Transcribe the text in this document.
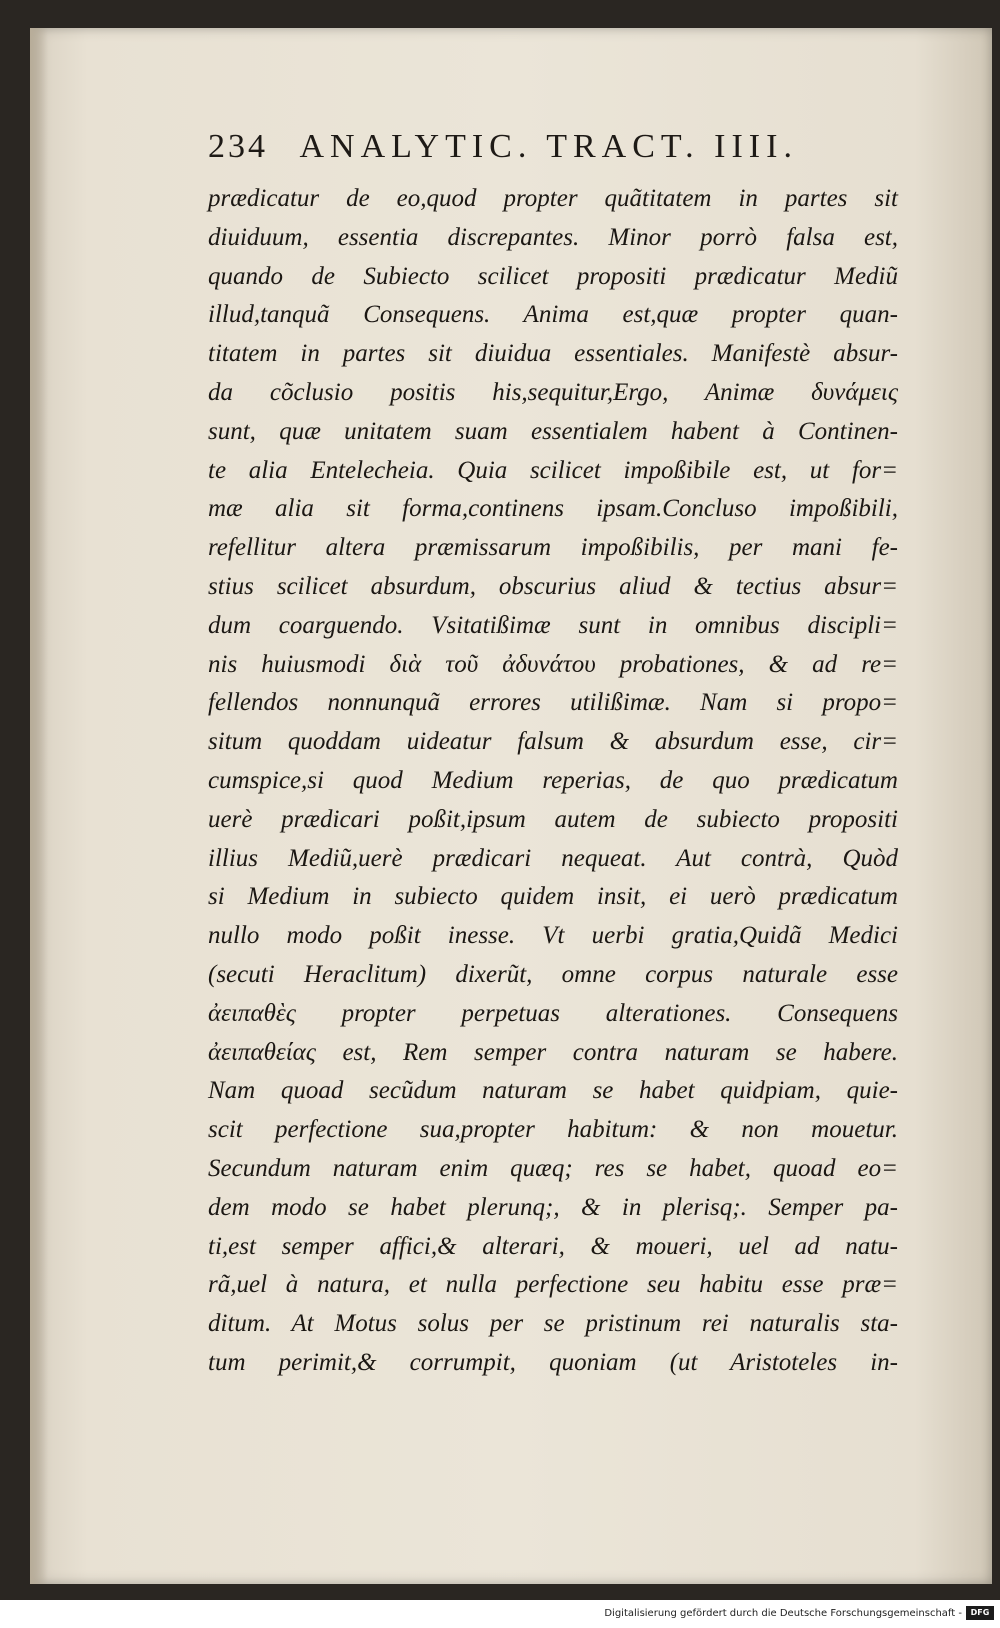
234 ANALYTIC. TRACT. IIII.
prædicatur de eo,quod propter quãtitatem in partes sit
diuiduum, essentia discrepantes. Minor porrò falsa est,
quando de Subiecto scilicet propositi prædicatur Mediũ
illud,tanquã Consequens. Anima est,quæ propter quan-
titatem in partes sit diuidua essentiales. Manifestè absur-
da cõclusio positis his,sequitur,Ergo, Animæ δυνάμεις
sunt, quæ unitatem suam essentialem habent à Continen-
te alia Entelecheia. Quia scilicet impoßibile est, ut for=
mæ alia sit forma,continens ipsam.Concluso impoßibili,
refellitur altera præmissarum impoßibilis, per mani fe-
stius scilicet absurdum, obscurius aliud & tectius absur=
dum coarguendo. Vsitatißimæ sunt in omnibus discipli=
nis huiusmodi διὰ τοῦ ἀδυνάτου probationes, & ad re=
fellendos nonnunquã errores utilißimæ. Nam si propo=
situm quoddam uideatur falsum & absurdum esse, cir=
cumspice,si quod Medium reperias, de quo prædicatum
uerè prædicari poßit,ipsum autem de subiecto propositi
illius Mediũ,uerè prædicari nequeat. Aut contrà, Quòd
si Medium in subiecto quidem insit, ei uerò prædicatum
nullo modo poßit inesse. Vt uerbi gratia,Quidã Medici
(secuti Heraclitum) dixerũt, omne corpus naturale esse
ἀειπαθὲς propter perpetuas alterationes. Consequens
ἀειπαθείας est, Rem semper contra naturam se habere.
Nam quoad secũdum naturam se habet quidpiam, quie-
scit perfectione sua,propter habitum: & non mouetur.
Secundum naturam enim quæq; res se habet, quoad eo=
dem modo se habet plerunq;, & in plerisq;. Semper pa-
ti,est semper affici,& alterari, & moueri, uel ad natu-
rã,uel à natura, et nulla perfectione seu habitu esse præ=
ditum. At Motus solus per se pristinum rei naturalis sta-
tum perimit,& corrumpit, quoniam (ut Aristoteles in-
Digitalisierung gefördert durch die Deutsche Forschungsgemeinschaft -	DFG
